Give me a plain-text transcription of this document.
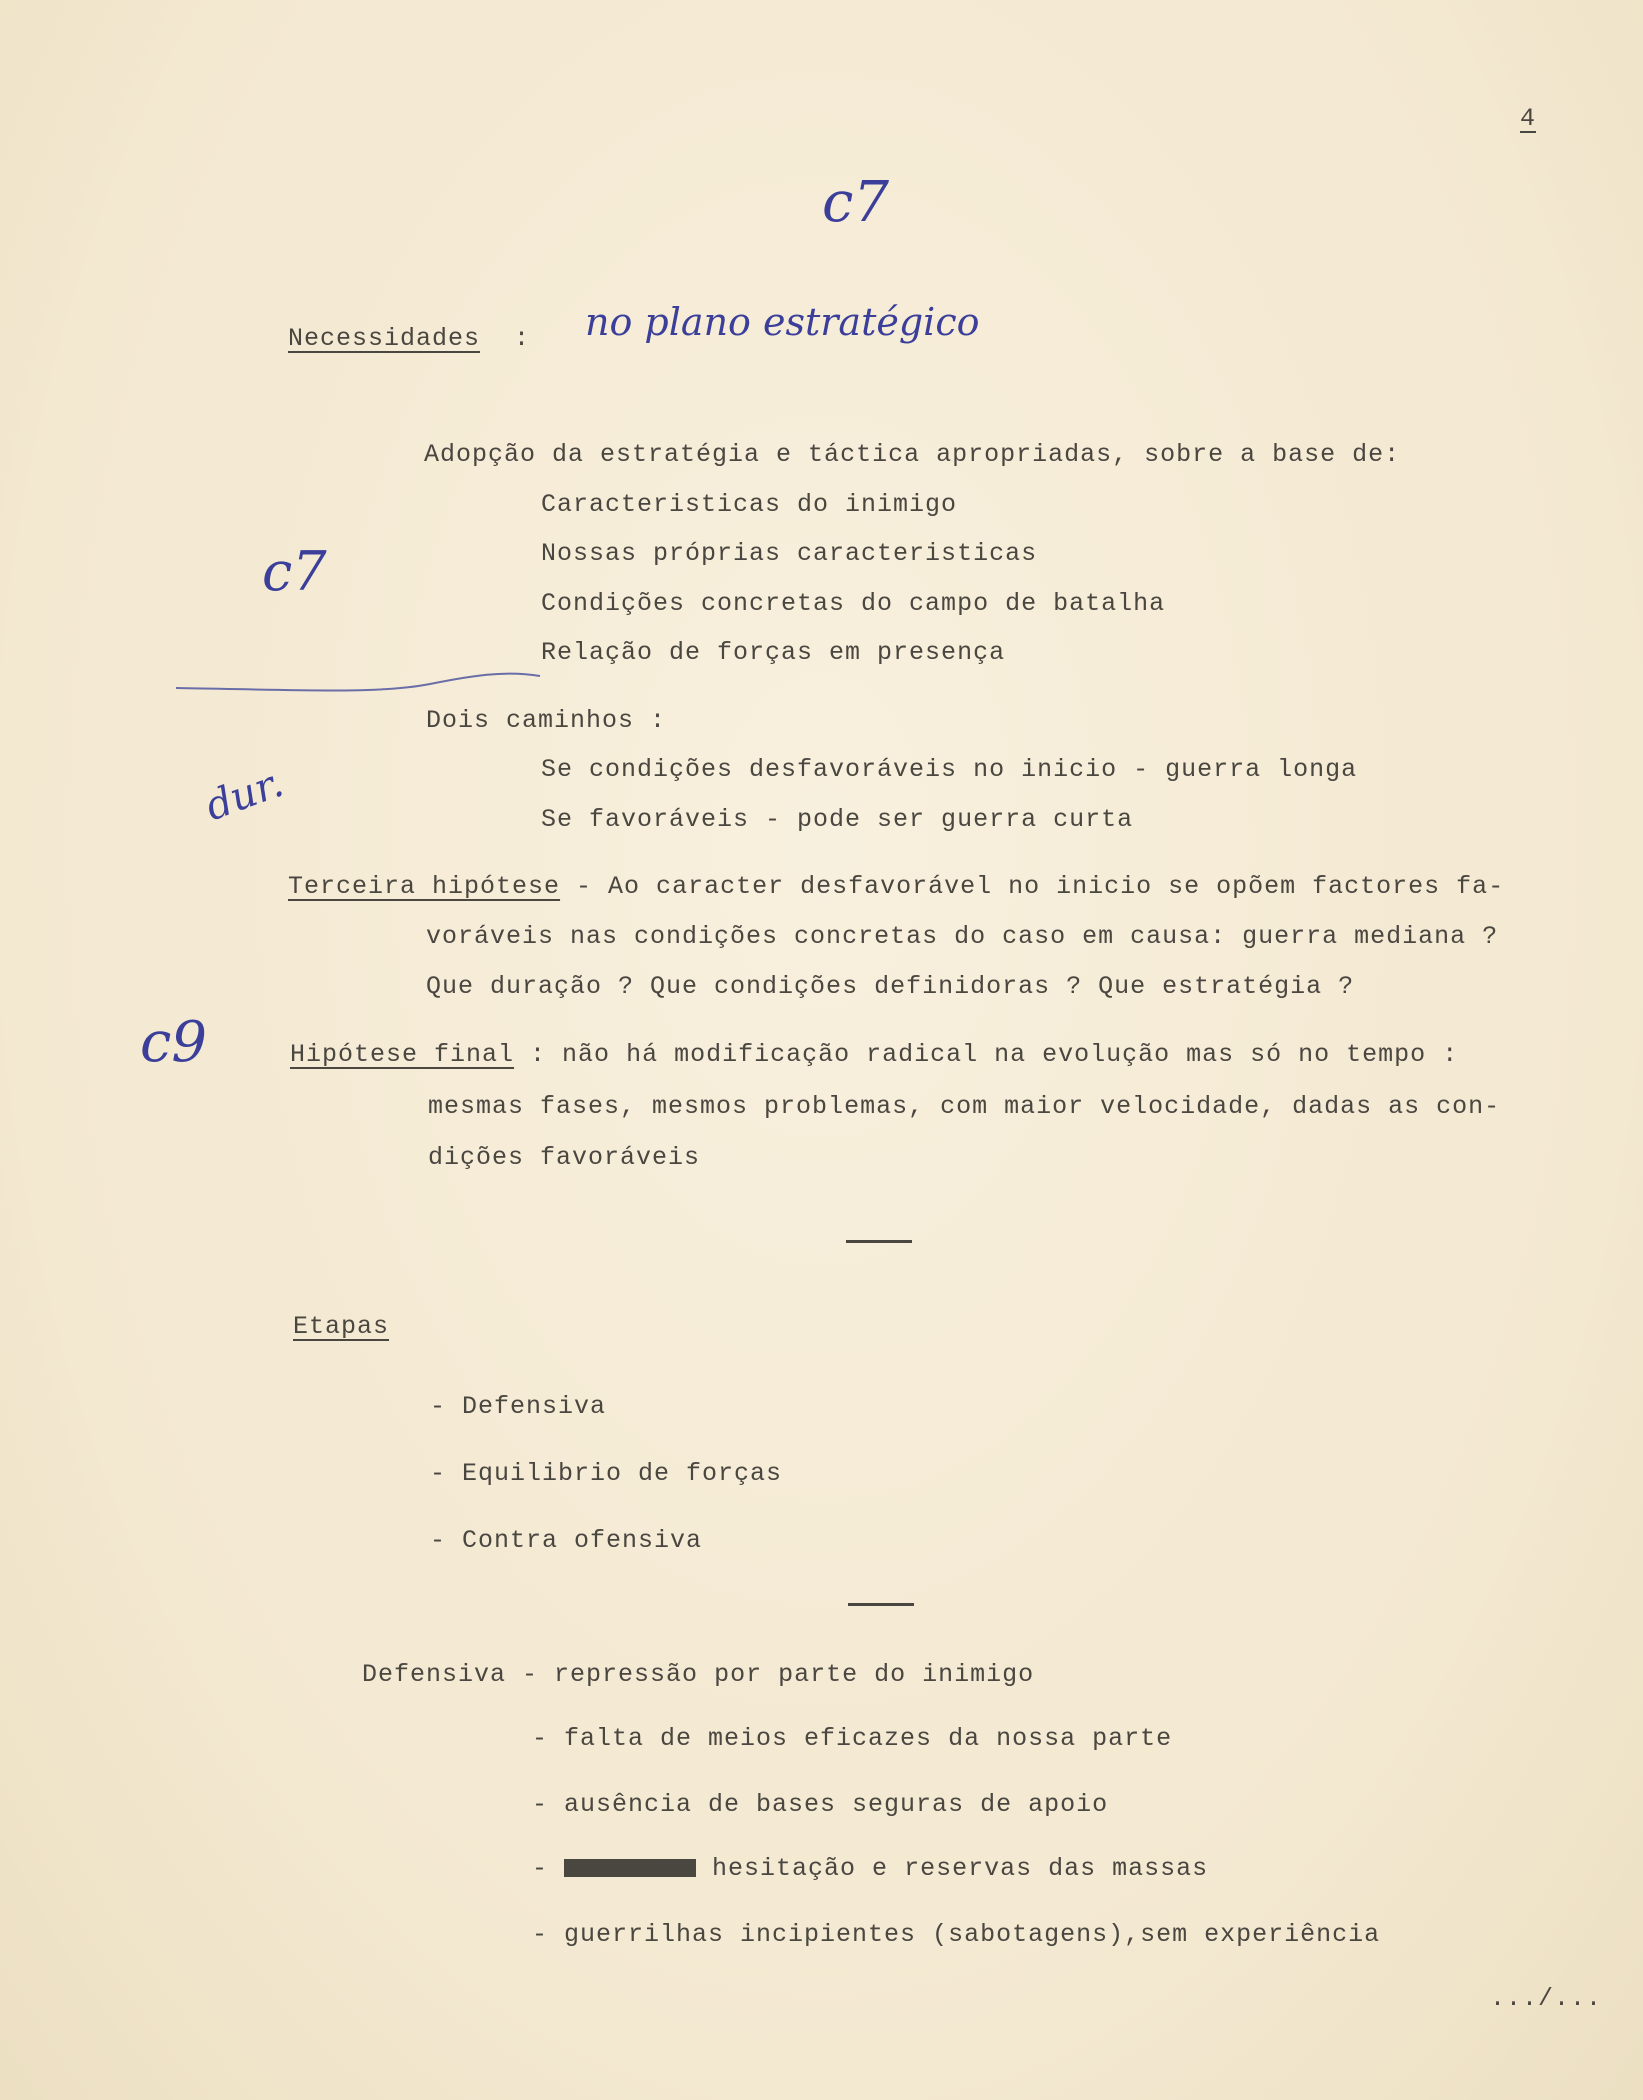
4
c7
no plano estratégico
c7
dur.
c9
Necessidades :
Adopção da estratégia e táctica apropriadas, sobre a base de:
Caracteristicas do inimigo
Nossas próprias caracteristicas
Condições concretas do campo de batalha
Relação de forças em presença
Dois caminhos :
Se condições desfavoráveis no inicio - guerra longa
Se favoráveis - pode ser guerra curta
Terceira hipótese - Ao caracter desfavorável no inicio se opõem factores fa-
voráveis nas condições concretas do caso em causa: guerra mediana ?
Que duração ? Que condições definidoras ? Que estratégia ?
Hipótese final : não há modificação radical na evolução mas só no tempo :
mesmas fases, mesmos problemas, com maior velocidade, dadas as con-
dições favoráveis
Etapas
- Defensiva
- Equilibrio de forças
- Contra ofensiva
Defensiva - repressão por parte do inimigo
- falta de meios eficazes da nossa parte
- ausência de bases seguras de apoio
-	hesitação e reservas das massas
- guerrilhas incipientes (sabotagens),sem experiência
.../...
